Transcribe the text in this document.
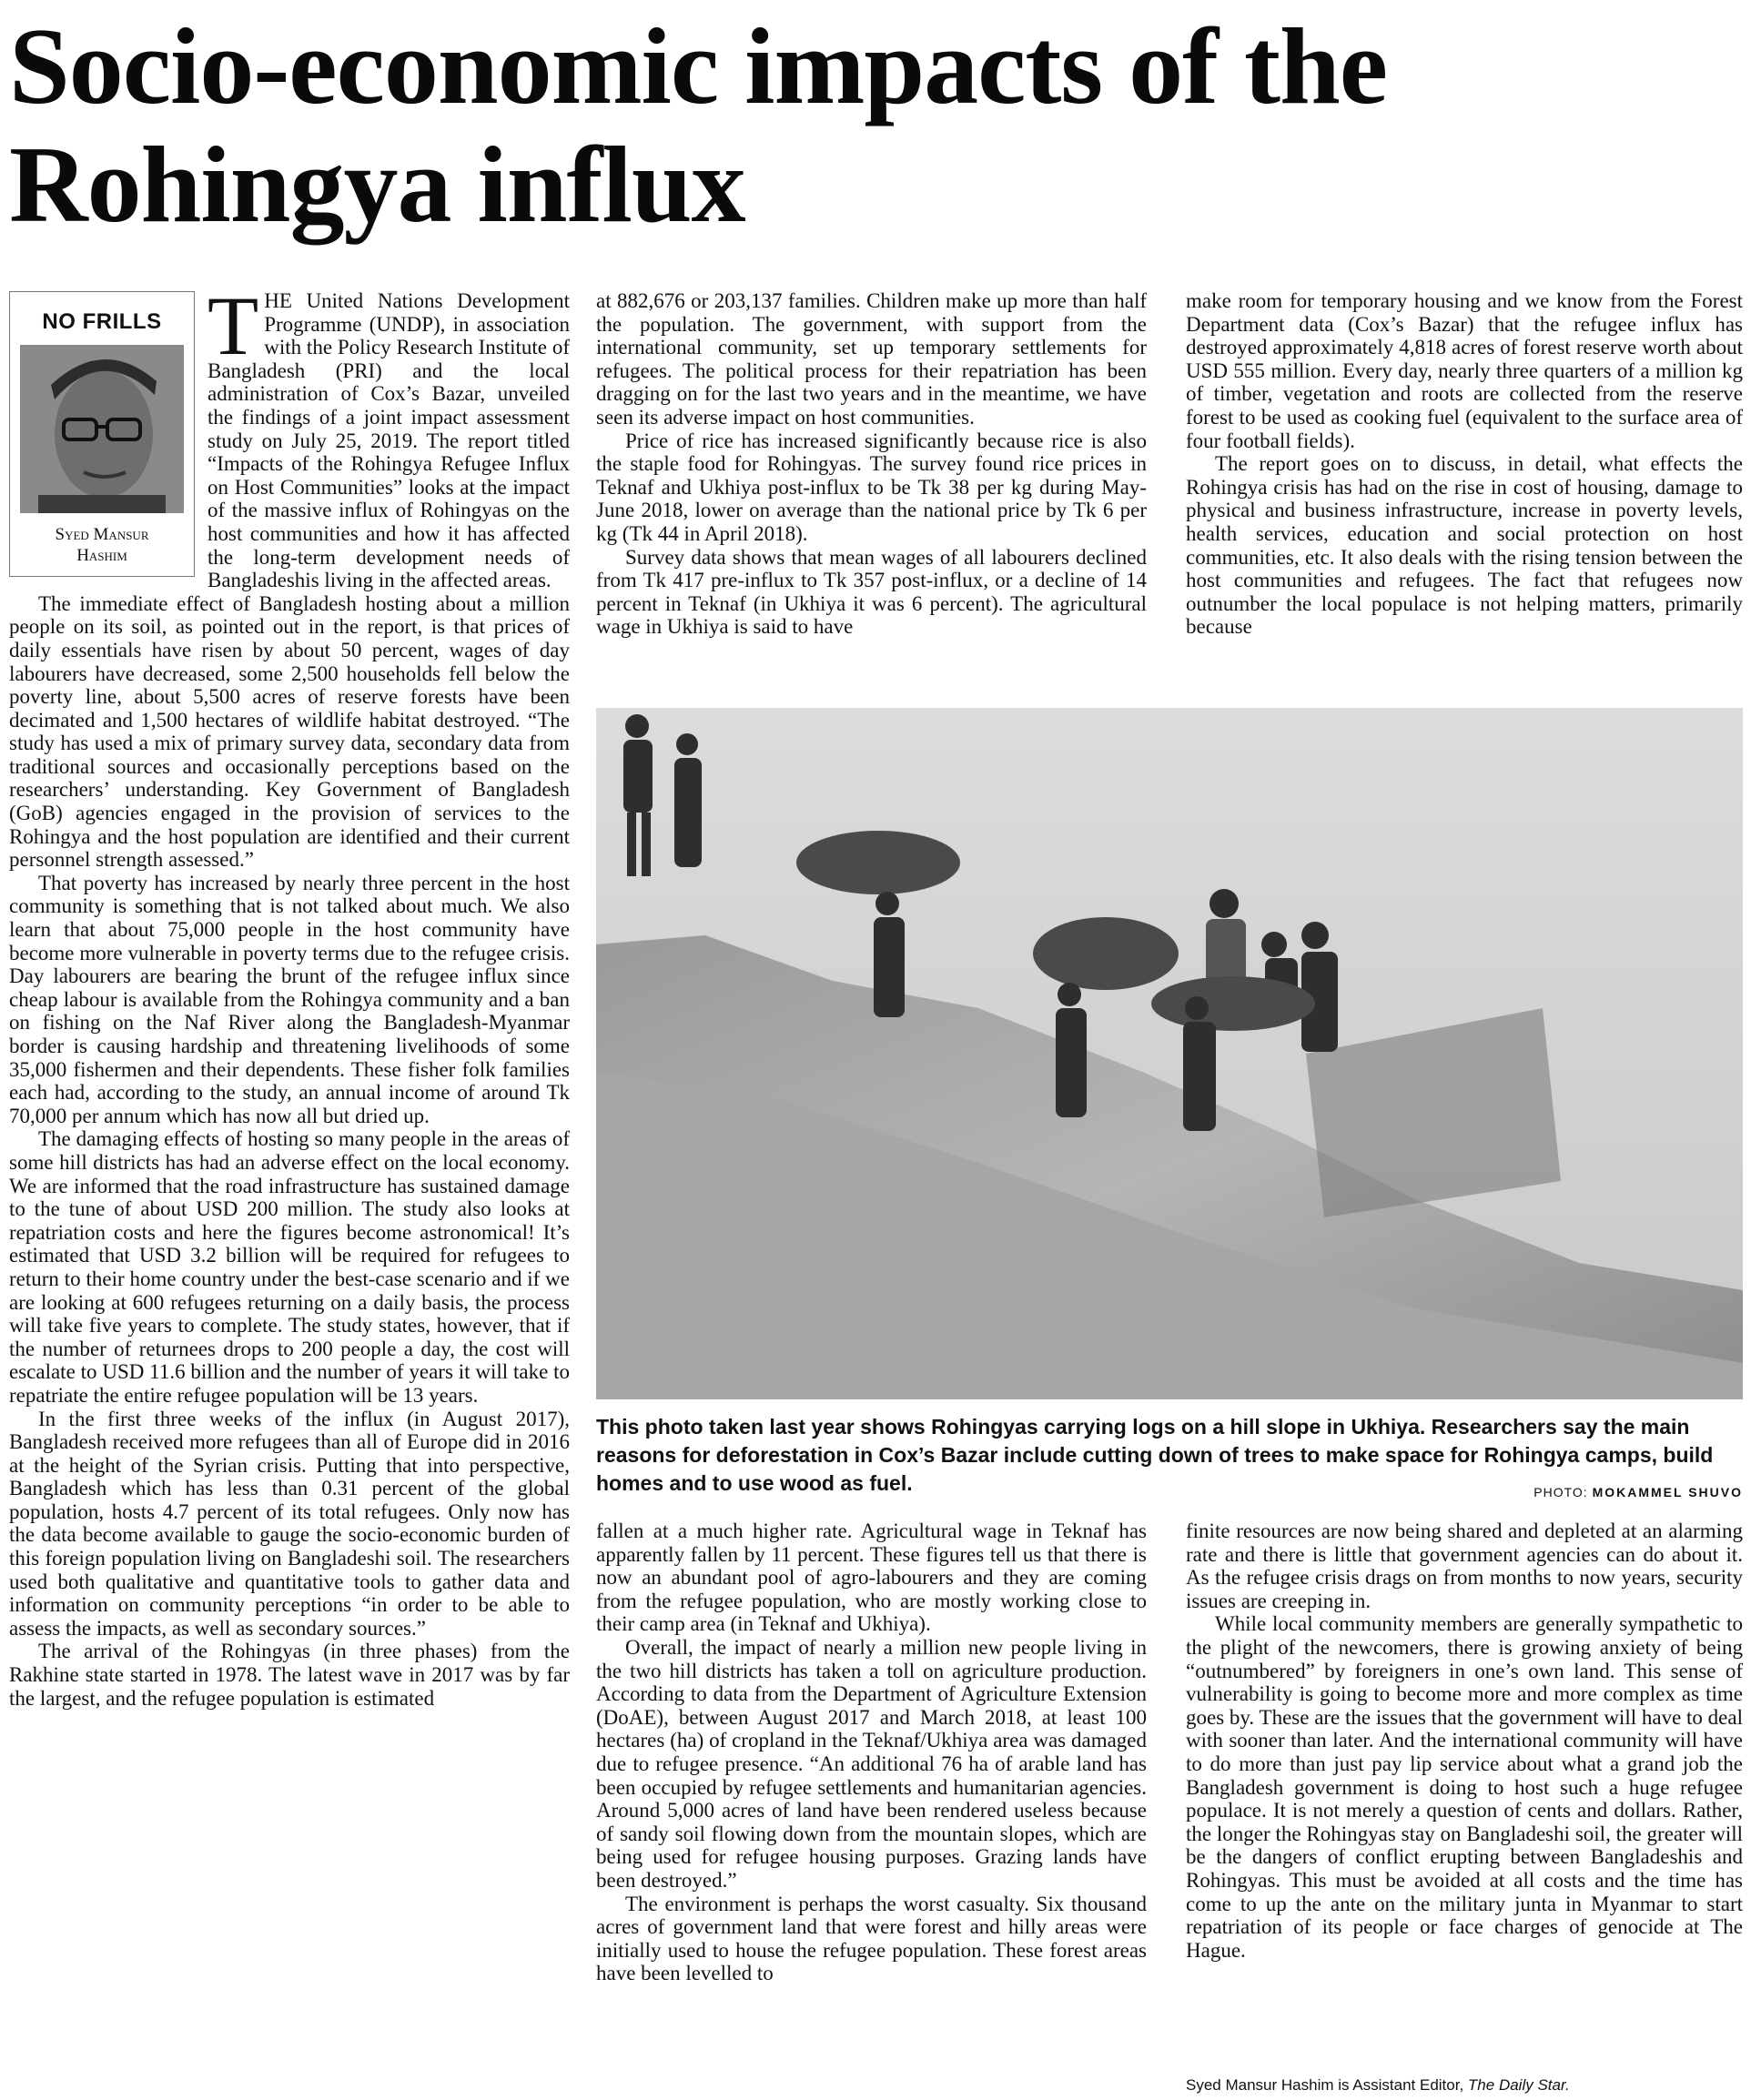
Socio-economic impacts of the Rohingya influx
NO FRILLS
Syed Mansur
Hashim
T HE United Nations Development Programme (UNDP), in association with the Policy Research Institute of Bangladesh (PRI) and the local administration of Cox’s Bazar, unveiled the findings of a joint impact assessment study on July 25, 2019. The report titled “Impacts of the Rohingya Refugee Influx on Host Communities” looks at the impact of the massive influx of Rohingyas on the host communities and how it has affected the long-term development needs of Bangladeshis living in the affected areas.

The immediate effect of Bangladesh hosting about a million people on its soil, as pointed out in the report, is that prices of daily essentials have risen by about 50 percent, wages of day labourers have decreased, some 2,500 households fell below the poverty line, about 5,500 acres of reserve forests have been decimated and 1,500 hectares of wildlife habitat destroyed. “The study has used a mix of primary survey data, secondary data from traditional sources and occasionally perceptions based on the researchers’ understanding. Key Government of Bangladesh (GoB) agencies engaged in the provision of services to the Rohingya and the host population are identified and their current personnel strength assessed.”

That poverty has increased by nearly three percent in the host community is something that is not talked about much. We also learn that about 75,000 people in the host community have become more vulnerable in poverty terms due to the refugee crisis. Day labourers are bearing the brunt of the refugee influx since cheap labour is available from the Rohingya community and a ban on fishing on the Naf River along the Bangladesh-Myanmar border is causing hardship and threatening livelihoods of some 35,000 fishermen and their dependents. These fisher folk families each had, according to the study, an annual income of around Tk 70,000 per annum which has now all but dried up.

The damaging effects of hosting so many people in the areas of some hill districts has had an adverse effect on the local economy. We are informed that the road infrastructure has sustained damage to the tune of about USD 200 million. The study also looks at repatriation costs and here the figures become astronomical! It’s estimated that USD 3.2 billion will be required for refugees to return to their home country under the best-case scenario and if we are looking at 600 refugees returning on a daily basis, the process will take five years to complete. The study states, however, that if the number of returnees drops to 200 people a day, the cost will escalate to USD 11.6 billion and the number of years it will take to repatriate the entire refugee population will be 13 years.

In the first three weeks of the influx (in August 2017), Bangladesh received more refugees than all of Europe did in 2016 at the height of the Syrian crisis. Putting that into perspective, Bangladesh which has less than 0.31 percent of the global population, hosts 4.7 percent of its total refugees. Only now has the data become available to gauge the socio-economic burden of this foreign population living on Bangladeshi soil. The researchers used both qualitative and quantitative tools to gather data and information on community perceptions “in order to be able to assess the impacts, as well as secondary sources.”

The arrival of the Rohingyas (in three phases) from the Rakhine state started in 1978. The latest wave in 2017 was by far the largest, and the refugee population is estimated

at 882,676 or 203,137 families. Children make up more than half the population. The government, with support from the international community, set up temporary settlements for refugees. The political process for their repatriation has been dragging on for the last two years and in the meantime, we have seen its adverse impact on host communities.

Price of rice has increased significantly because rice is also the staple food for Rohingyas. The survey found rice prices in Teknaf and Ukhiya post-influx to be Tk 38 per kg during May-June 2018, lower on average than the national price by Tk 6 per kg (Tk 44 in April 2018).

Survey data shows that mean wages of all labourers declined from Tk 417 pre-influx to Tk 357 post-influx, or a decline of 14 percent in Teknaf (in Ukhiya it was 6 percent). The agricultural wage in Ukhiya is said to have

make room for temporary housing and we know from the Forest Department data (Cox’s Bazar) that the refugee influx has destroyed approximately 4,818 acres of forest reserve worth about USD 555 million. Every day, nearly three quarters of a million kg of timber, vegetation and roots are collected from the reserve forest to be used as cooking fuel (equivalent to the surface area of four football fields).

The report goes on to discuss, in detail, what effects the Rohingya crisis has had on the rise in cost of housing, damage to physical and business infrastructure, increase in poverty levels, health services, education and social protection on host communities, etc. It also deals with the rising tension between the host communities and refugees. The fact that refugees now outnumber the local populace is not helping matters, primarily because

This photo taken last year shows Rohingyas carrying logs on a hill slope in Ukhiya. Researchers say the main reasons for deforestation in Cox’s Bazar include cutting down of trees to make space for Rohingya camps, build homes and to use wood as fuel.	PHOTO: MOKAMMEL SHUVO

fallen at a much higher rate. Agricultural wage in Teknaf has apparently fallen by 11 percent. These figures tell us that there is now an abundant pool of agro-labourers and they are coming from the refugee population, who are mostly working close to their camp area (in Teknaf and Ukhiya).

Overall, the impact of nearly a million new people living in the two hill districts has taken a toll on agriculture production. According to data from the Department of Agriculture Extension (DoAE), between August 2017 and March 2018, at least 100 hectares (ha) of cropland in the Teknaf/Ukhiya area was damaged due to refugee presence. “An additional 76 ha of arable land has been occupied by refugee settlements and humanitarian agencies. Around 5,000 acres of land have been rendered useless because of sandy soil flowing down from the mountain slopes, which are being used for refugee housing purposes. Grazing lands have been destroyed.”

The environment is perhaps the worst casualty. Six thousand acres of government land that were forest and hilly areas were initially used to house the refugee population. These forest areas have been levelled to

finite resources are now being shared and depleted at an alarming rate and there is little that government agencies can do about it. As the refugee crisis drags on from months to now years, security issues are creeping in.

While local community members are generally sympathetic to the plight of the newcomers, there is growing anxiety of being “outnumbered” by foreigners in one’s own land. This sense of vulnerability is going to become more and more complex as time goes by. These are the issues that the government will have to deal with sooner than later. And the international community will have to do more than just pay lip service about what a grand job the Bangladesh government is doing to host such a huge refugee populace. It is not merely a question of cents and dollars. Rather, the longer the Rohingyas stay on Bangladeshi soil, the greater will be the dangers of conflict erupting between Bangladeshis and Rohingyas. This must be avoided at all costs and the time has come to up the ante on the military junta in Myanmar to start repatriation of its people or face charges of genocide at The Hague.

Syed Mansur Hashim is Assistant Editor, The Daily Star.
